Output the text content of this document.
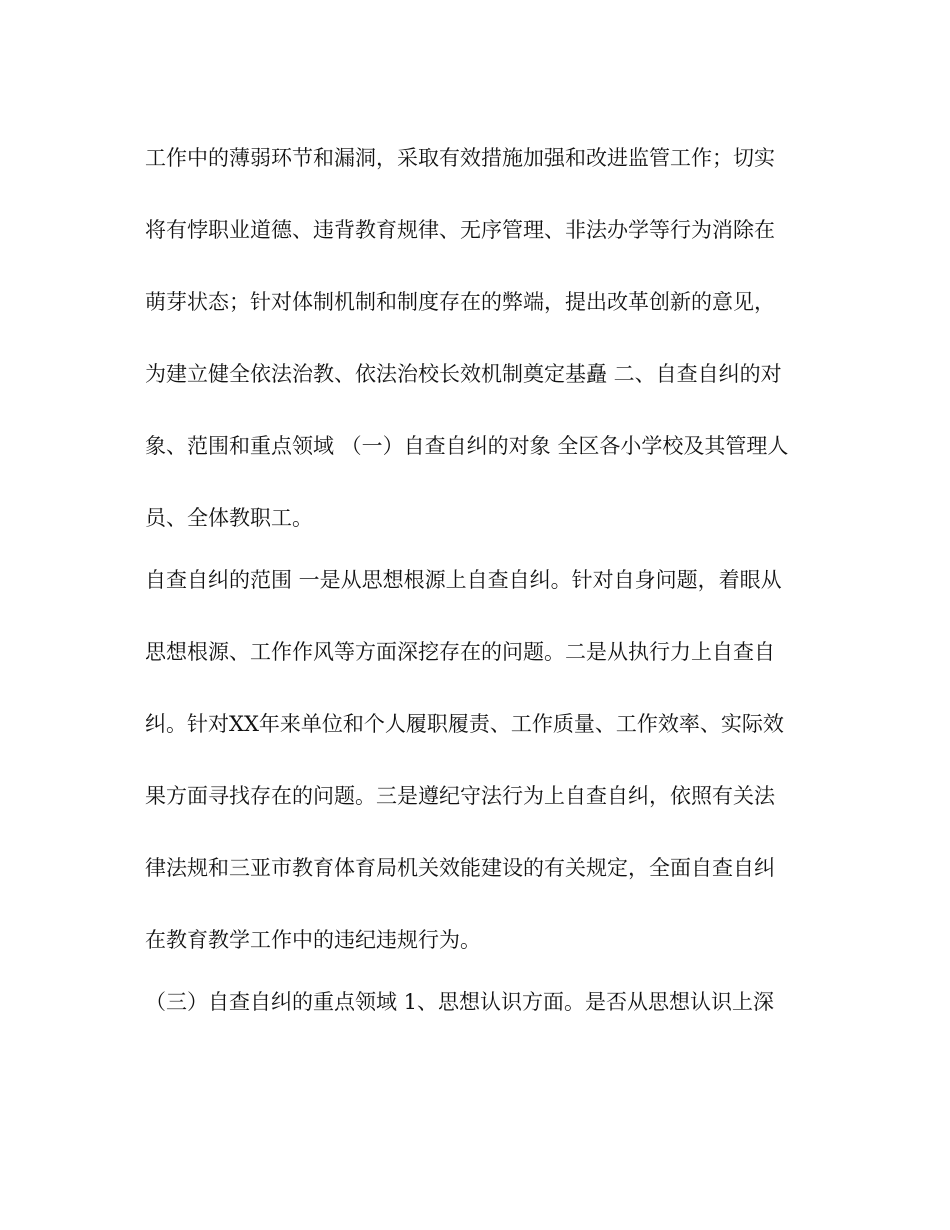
工作中的薄弱环节和漏洞，采取有效措施加强和改进监管工作；切实
将有悖职业道德、违背教育规律、无序管理、非法办学等行为消除在
萌芽状态；针对体制机制和制度存在的弊端，提出改革创新的意见，
为建立健全依法治教、依法治校长效机制奠定基矗 二、自查自纠的对
象、范围和重点领域 （一）自查自纠的对象 全区各小学校及其管理人
员、全体教职工。
自查自纠的范围 一是从思想根源上自查自纠。针对自身问题，着眼从
思想根源、工作作风等方面深挖存在的问题。二是从执行力上自查自
纠。针对XX年来单位和个人履职履责、工作质量、工作效率、实际效
果方面寻找存在的问题。三是遵纪守法行为上自查自纠，依照有关法
律法规和三亚市教育体育局机关效能建设的有关规定，全面自查自纠
在教育教学工作中的违纪违规行为。
（三）自查自纠的重点领域 1、思想认识方面。是否从思想认识上深
